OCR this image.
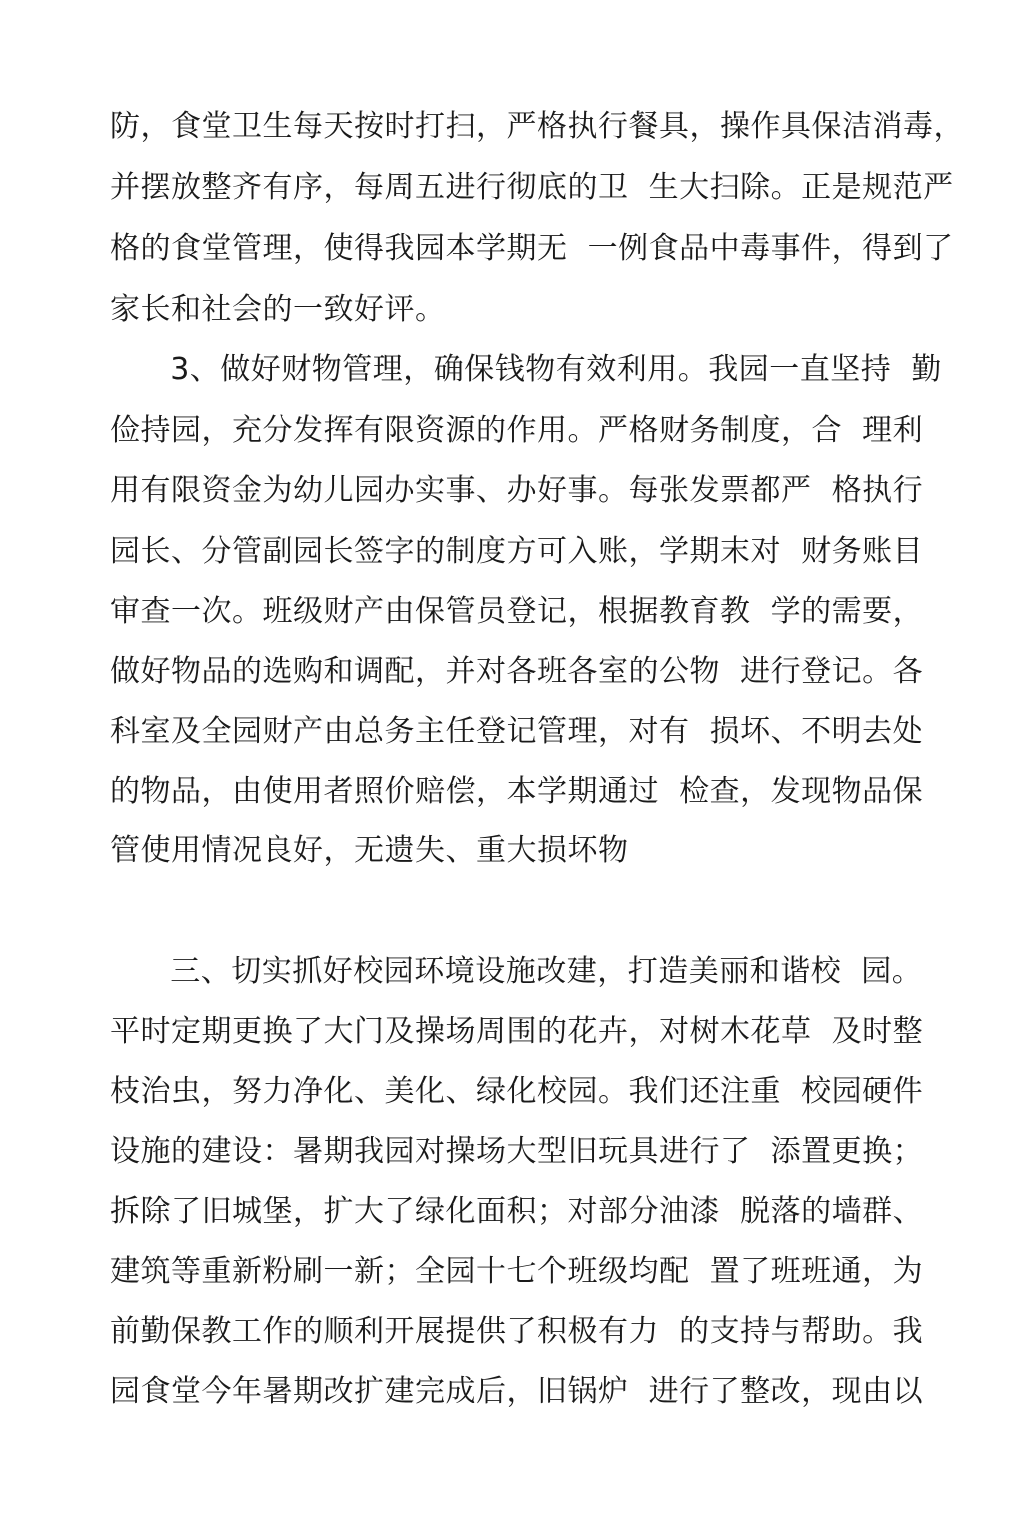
防，食堂卫生每天按时打扫，严格执行餐具，操作具保洁消毒，
并摆放整齐有序，每周五进行彻底的卫  生大扫除。正是规范严
格的食堂管理，使得我园本学期无  一例食品中毒事件，得到了
家长和社会的一致好评。
3、做好财物管理，确保钱物有效利用。我园一直坚持  勤
俭持园，充分发挥有限资源的作用。严格财务制度，合  理利
用有限资金为幼儿园办实事、办好事。每张发票都严  格执行
园长、分管副园长签字的制度方可入账，学期末对  财务账目
审查一次。班级财产由保管员登记，根据教育教  学的需要，
做好物品的选购和调配，并对各班各室的公物  进行登记。各
科室及全园财产由总务主任登记管理，对有  损坏、不明去处
的物品，由使用者照价赔偿，本学期通过  检查，发现物品保
管使用情况良好，无遗失、重大损坏物
三、切实抓好校园环境设施改建，打造美丽和谐校  园。
平时定期更换了大门及操场周围的花卉，对树木花草  及时整
枝治虫，努力净化、美化、绿化校园。我们还注重  校园硬件
设施的建设：暑期我园对操场大型旧玩具进行了  添置更换；
拆除了旧城堡，扩大了绿化面积；对部分油漆  脱落的墙群、
建筑等重新粉刷一新；全园十七个班级均配  置了班班通，为
前勤保教工作的顺利开展提供了积极有力  的支持与帮助。我
园食堂今年暑期改扩建完成后，旧锅炉  进行了整改，现由以
